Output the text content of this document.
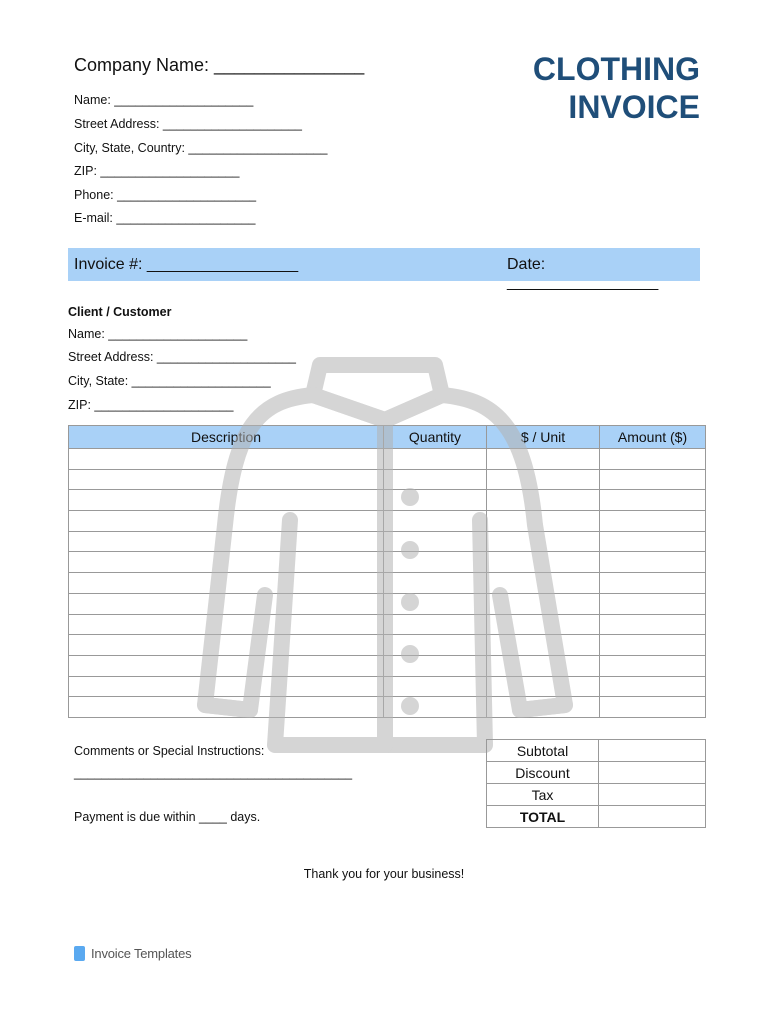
Company Name: _______________
Name: ____________________
Street Address: ____________________
City, State, Country: ____________________
ZIP: ____________________
Phone: ____________________
E-mail: ____________________
CLOTHING
INVOICE
Invoice #: _________________	Date: _________________
Client / Customer
Name: ____________________
Street Address: ____________________
City, State: ____________________
ZIP: ____________________
Description	Quantity	$ / Unit	Amount ($)

Comments or Special Instructions:
________________________________________
Payment is due within ____ days.
Subtotal	
Discount	
Tax	
TOTAL	
Thank you for your business!
Invoice Templates
